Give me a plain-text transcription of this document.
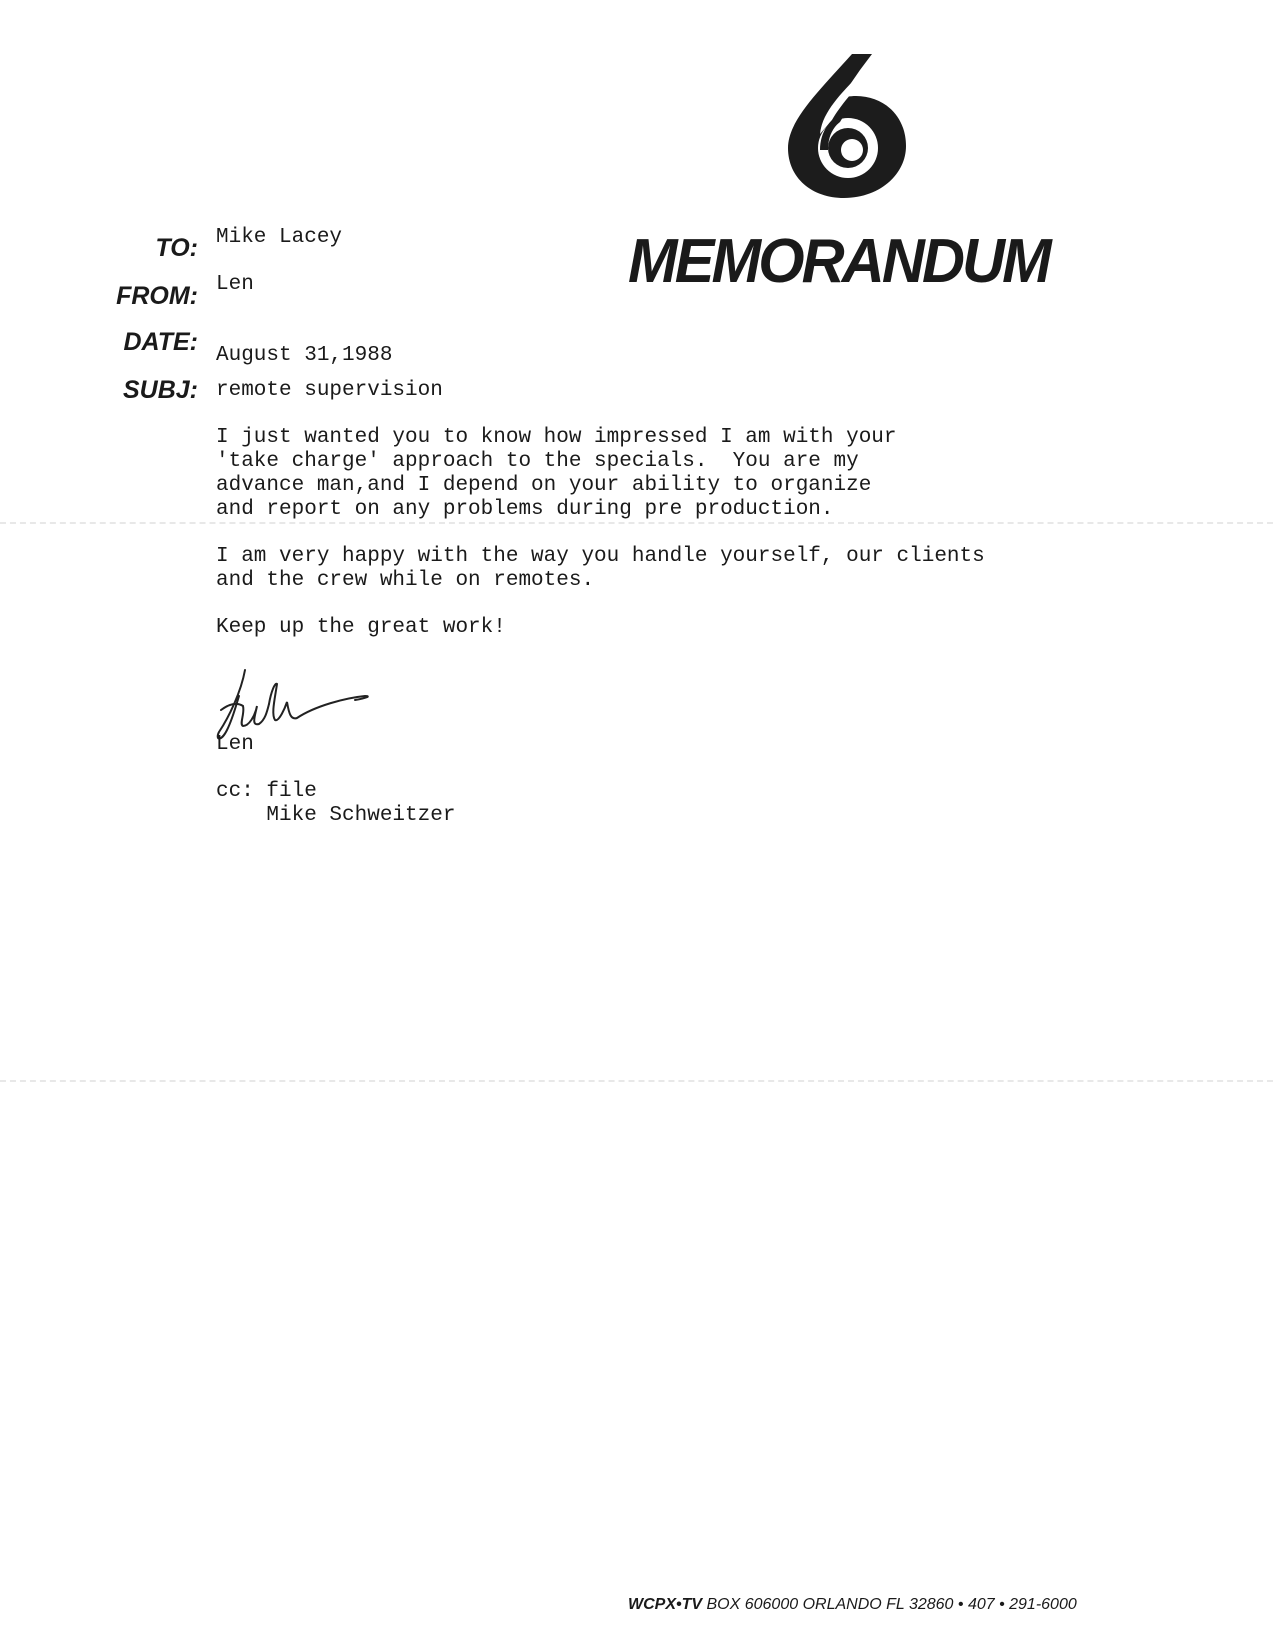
MEMORANDUM
TO:
FROM:
DATE:
SUBJ:
Mike Lacey
Len
August 31,1988
remote supervision
I just wanted you to know how impressed I am with your
'take charge' approach to the specials.  You are my
advance man,and I depend on your ability to organize
and report on any problems during pre production.
I am very happy with the way you handle yourself, our clients
and the crew while on remotes.
Keep up the great work!
Len
cc: file
Mike Schweitzer
WCPX•TV BOX 606000 ORLANDO FL 32860 • 407 • 291-6000
